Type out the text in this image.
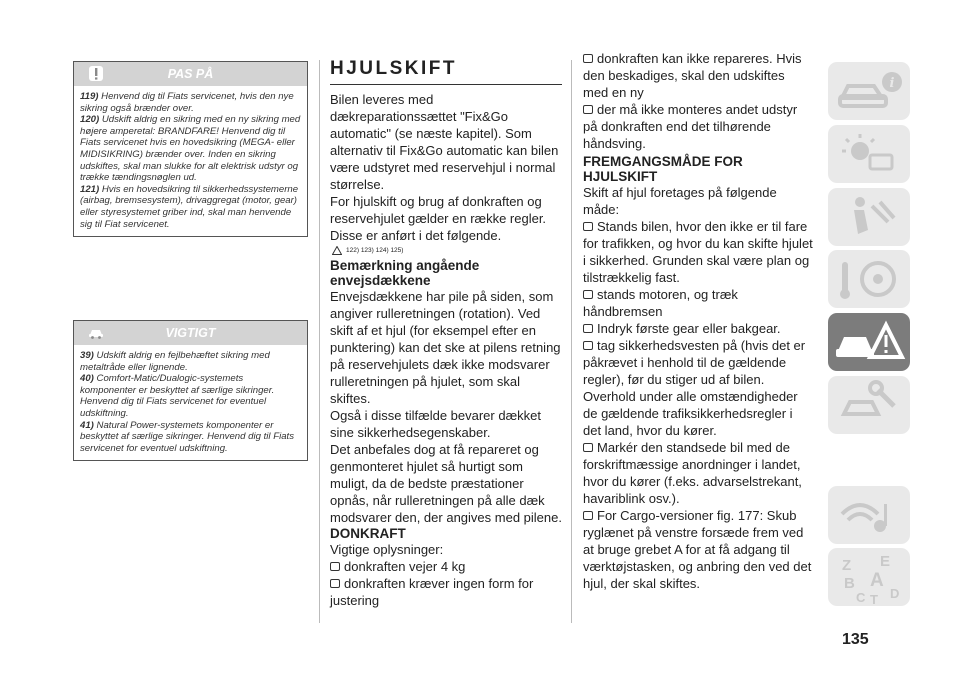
PAS PÅ

119) Henvend dig til Fiats servicenet, hvis den nye sikring også brænder over.

120) Udskift aldrig en sikring med en ny sikring med højere amperetal: BRANDFARE! Henvend dig til Fiats servicenet hvis en hovedsikring (MEGA- eller MIDISIKRING) brænder over. Inden en sikring udskiftes, skal man slukke for alt elektrisk udstyr og trække tændingsnøglen ud.

121) Hvis en hovedsikring til sikkerhedssystemerne (airbag, bremsesystem), drivaggregat (motor, gear) eller styresystemet griber ind, skal man henvende sig til Fiat servicenet.

VIGTIGT

39) Udskift aldrig en fejlbehæftet sikring med metaltråde eller lignende.

40) Comfort-Matic/Dualogic-systemets komponenter er beskyttet af særlige sikringer. Henvend dig til Fiats servicenet for eventuel udskiftning.

41) Natural Power-systemets komponenter er beskyttet af særlige sikringer. Henvend dig til Fiats servicenet for eventuel udskiftning.

HJULSKIFT

Bilen leveres med dækreparationssættet "Fix&Go automatic" (se næste kapitel). Som alternativ til Fix&Go automatic kan bilen være udstyret med reservehjul i normal størrelse.

For hjulskift og brug af donkraften og reservehjulet gælder en række regler. Disse er anført i det følgende.

122) 123) 124) 125)
Bemærkning angående envejsdækkene

Envejsdækkene har pile på siden, som angiver rulleretningen (rotation). Ved skift af et hjul (for eksempel efter en punktering) kan det ske at pilens retning på reservehjulets dæk ikke modsvarer rulleretningen på hjulet, som skal skiftes.

Også i disse tilfælde bevarer dækket sine sikkerhedsegenskaber.

Det anbefales dog at få repareret og genmonteret hjulet så hurtigt som muligt, da de bedste præstationer opnås, når rulleretningen på alle dæk modsvarer den, der angives med pilene.

DONKRAFT

Vigtige oplysninger:

donkraften vejer 4 kg

donkraften kræver ingen form for justering

donkraften kan ikke repareres. Hvis den beskadiges, skal den udskiftes med en ny

der må ikke monteres andet udstyr på donkraften end det tilhørende håndsving.

FREMGANGSMÅDE FOR HJULSKIFT

Skift af hjul foretages på følgende måde:

Stands bilen, hvor den ikke er til fare for trafikken, og hvor du kan skifte hjulet i sikkerhed. Grunden skal være plan og tilstrækkelig fast.

stands motoren, og træk håndbremsen

Indryk første gear eller bakgear.

tag sikkerhedsvesten på (hvis det er påkrævet i henhold til de gældende regler), før du stiger ud af bilen. Overhold under alle omstændigheder de gældende trafiksikkerhedsregler i det land, hvor du kører.

Markér den standsede bil med de forskriftmæssige anordninger i landet, hvor du kører (f.eks. advarselstrekant, havariblink osv.).

For Cargo-versioner fig. 177: Skub ryglænet på venstre forsæde frem ved at bruge grebet A for at få adgang til værktøjstasken, og anbring den ved det hjul, der skal skiftes.

i
Z E
B A
C T D
135
